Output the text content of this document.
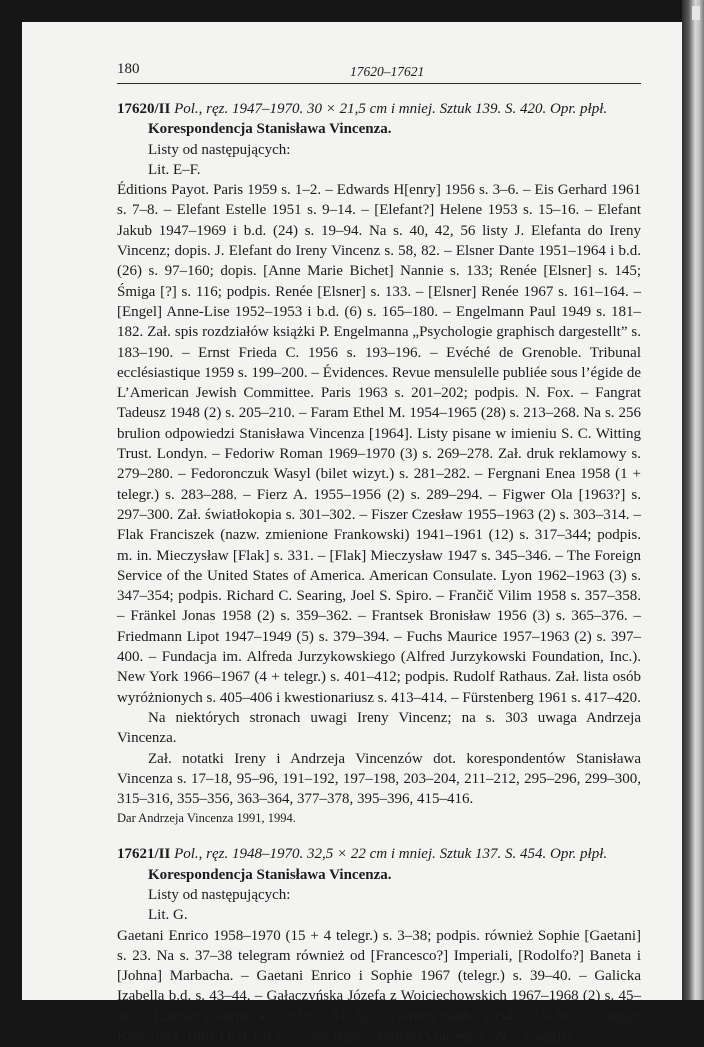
180	17620–17621

17620/II Pol., ręz. 1947–1970. 30 × 21,5 cm i mniej. Sztuk 139. S. 420. Opr. płpł.

Korespondencja Stanisława Vincenza.

Listy od następujących:

Lit. E–F.

Éditions Payot. Paris 1959 s. 1–2. – Edwards H[enry] 1956 s. 3–6. – Eis Gerhard 1961 s. 7–8. – Elefant Estelle 1951 s. 9–14. – [Elefant?] Helene 1953 s. 15–16. – Elefant Jakub 1947–1969 i b.d. (24) s. 19–94. Na s. 40, 42, 56 listy J. Elefanta do Ireny Vincenz; dopis. J. Elefant do Ireny Vincenz s. 58, 82. – Elsner Dante 1951–1964 i b.d. (26) s. 97–160; dopis. [Anne Marie Bichet] Nannie s. 133; Renée [Elsner] s. 145; Śmiga [?] s. 116; podpis. Renée [Elsner] s. 133. – [Elsner] Renée 1967 s. 161–164. – [Engel] Anne-Lise 1952–1953 i b.d. (6) s. 165–180. – Engelmann Paul 1949 s. 181–182. Zał. spis rozdziałów książki P. Engelmanna „Psychologie graphisch dargestellt” s. 183–190. – Ernst Frieda C. 1956 s. 193–196. – Evéché de Grenoble. Tribunal ecclésiastique 1959 s. 199–200. – Évidences. Revue mensulelle publiée sous l’égide de L’American Jewish Committee. Paris 1963 s. 201–202; podpis. N. Fox. – Fangrat Tadeusz 1948 (2) s. 205–210. – Faram Ethel M. 1954–1965 (28) s. 213–268. Na s. 256 brulion odpowiedzi Stanisława Vincenza [1964]. Listy pisane w imieniu S. C. Witting Trust. Londyn. – Fedoriw Roman 1969–1970 (3) s. 269–278. Zał. druk reklamowy s. 279–280. – Fedoronczuk Wasyl (bilet wizyt.) s. 281–282. – Fergnani Enea 1958 (1 + telegr.) s. 283–288. – Fierz A. 1955–1956 (2) s. 289–294. – Figwer Ola [1963?] s. 297–300. Zał. światłokopia s. 301–302. – Fiszer Czesław 1955–1963 (2) s. 303–314. – Flak Franciszek (nazw. zmienione Frankowski) 1941–1961 (12) s. 317–344; podpis. m. in. Mieczysław [Flak] s. 331. – [Flak] Mieczysław 1947 s. 345–346. – The Foreign Service of the United States of America. American Consulate. Lyon 1962–1963 (3) s. 347–354; podpis. Richard C. Searing, Joel S. Spiro. – Frančič Vilim 1958 s. 357–358. – Fränkel Jonas 1958 (2) s. 359–362. – Frantsek Bronisław 1956 (3) s. 365–376. – Friedmann Lipot 1947–1949 (5) s. 379–394. – Fuchs Maurice 1957–1963 (2) s. 397–400. – Fundacja im. Alfreda Jurzykowskiego (Alfred Jurzykowski Foundation, Inc.). New York 1966–1967 (4 + telegr.) s. 401–412; podpis. Rudolf Rathaus. Zał. lista osób wyróżnionych s. 405–406 i kwestionariusz s. 413–414. – Fürstenberg 1961 s. 417–420.

Na niektórych stronach uwagi Ireny Vincenz; na s. 303 uwaga Andrzeja Vincenza.

Zał. notatki Ireny i Andrzeja Vincenzów dot. korespondentów Stanisława Vincenza s. 17–18, 95–96, 191–192, 197–198, 203–204, 211–212, 295–296, 299–300, 315–316, 355–356, 363–364, 377–378, 395–396, 415–416.

Dar Andrzeja Vincenza 1991, 1994.

17621/II Pol., ręz. 1948–1970. 32,5 × 22 cm i mniej. Sztuk 137. S. 454. Opr. płpł.

Korespondencja Stanisława Vincenza.

Listy od następujących:

Lit. G.

Gaetani Enrico 1958–1970 (15 + 4 telegr.) s. 3–38; podpis. również Sophie [Gaetani] s. 23. Na s. 37–38 telegram również od [Francesco?] Imperiali, [Rodolfo?] Baneta i [Johna] Marbacha. – Gaetani Enrico i Sophie 1967 (telegr.) s. 39–40. – Galicka Izabella b.d. s. 43–44. – Gałaczyńska Józefa z Wojciechowskich 1967–1968 (2) s. 45–48. – Garnier Gabriel, ks. 1959 s. 51–52. – Garoux Natha 1954 s. 55–56. – Gaugler Kurt 1964–1967 i b.d. (9) s. 57–98; dopis. Andrzej Vincenz s. 59. – Gaugler
